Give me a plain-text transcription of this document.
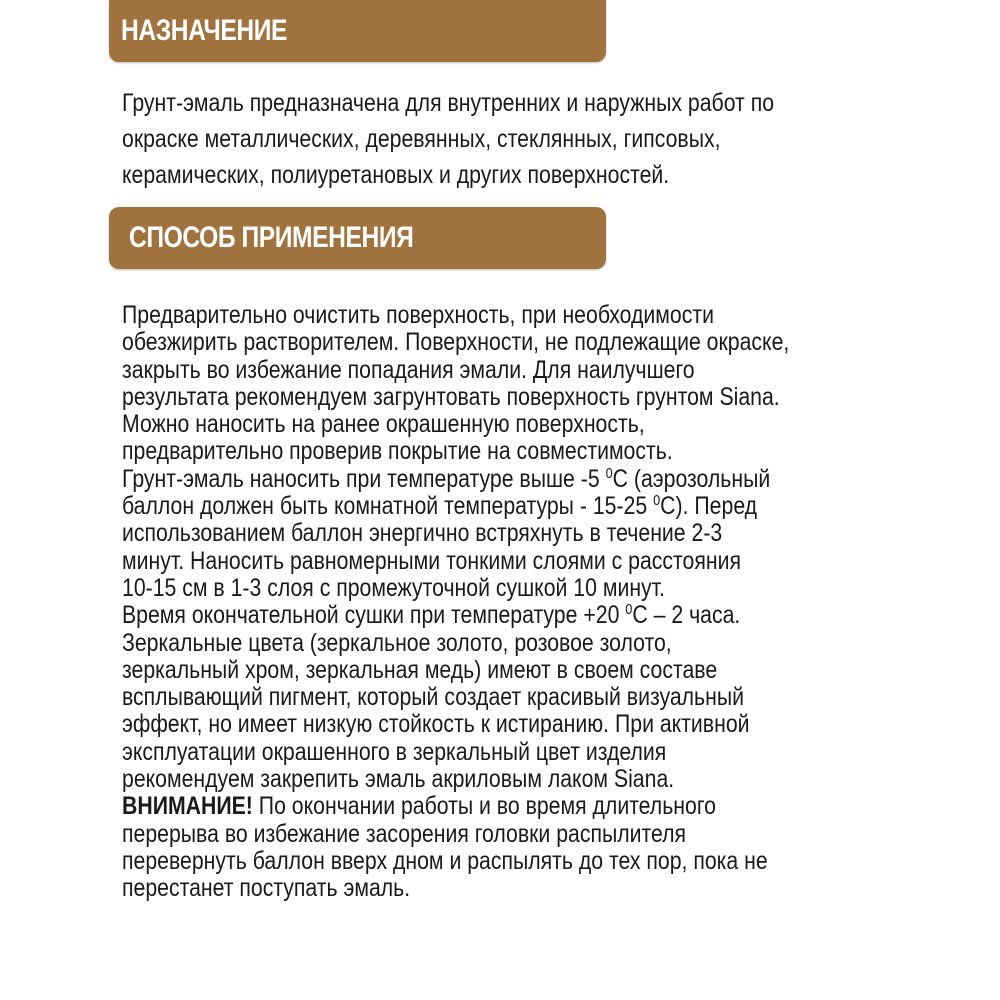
НАЗНАЧЕНИЕ
Грунт-эмаль предназначена для внутренних и наружных работ по
окраске металлических, деревянных, стеклянных, гипсовых,
керамических, полиуретановых и других поверхностей.
СПОСОБ ПРИМЕНЕНИЯ
Предварительно очистить поверхность, при необходимости
обезжирить растворителем. Поверхности, не подлежащие окраске,
закрыть во избежание попадания эмали. Для наилучшего
результата рекомендуем загрунтовать поверхность грунтом Siana.
Можно наносить на ранее окрашенную поверхность,
предварительно проверив покрытие на совместимость.
Грунт-эмаль наносить при температуре выше -5 $^0$С (аэрозольный
баллон должен быть комнатной температуры - 15-25 $^0$С). Перед
использованием баллон энергично встряхнуть в течение 2-3
минут. Наносить равномерными тонкими слоями с расстояния
10-15 см в 1-3 слоя с промежуточной сушкой 10 минут.
Время окончательной сушки при температуре +20 $^0$С – 2 часа.
Зеркальные цвета (зеркальное золото, розовое золото,
зеркальный хром, зеркальная медь) имеют в своем составе
всплывающий пигмент, который создает красивый визуальный
эффект, но имеет низкую стойкость к истиранию. При активной
эксплуатации окрашенного в зеркальный цвет изделия
рекомендуем закрепить эмаль акриловым лаком Siana.
ВНИМАНИЕ! По окончании работы и во время длительного
перерыва во избежание засорения головки распылителя
перевернуть баллон вверх дном и распылять до тех пор, пока не
перестанет поступать эмаль.
